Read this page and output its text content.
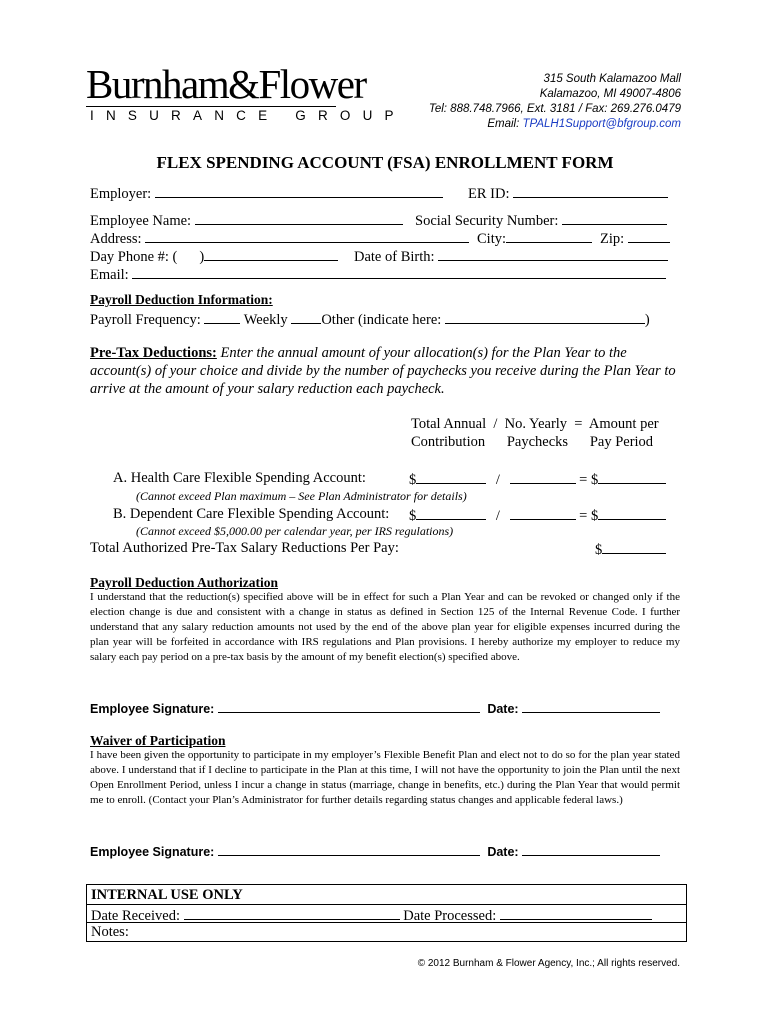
Burnham&Flower
INSURANCE GROUP
315 South Kalamazoo Mall
Kalamazoo, MI 49007-4806
Tel: 888.748.7966, Ext. 3181 / Fax: 269.276.0479
Email: TPALH1Support@bfgroup.com
FLEX SPENDING ACCOUNT (FSA) ENROLLMENT FORM
Employer:	ER ID:
Employee Name:	Social Security Number:
Address:	City:	Zip:
Day Phone #: ( )	Date of Birth:
Email:
Payroll Deduction Information:
Payroll Frequency:	Weekly Other (indicate here:	)
Pre-Tax Deductions: Enter the annual amount of your allocation(s) for the Plan Year to the account(s) of your choice and divide by the number of paychecks you receive during the Plan Year to arrive at the amount of your salary reduction each paycheck.
Total Annual  /  No. Yearly  =  Amount per
Contribution      Paychecks      Pay Period
A. Health Care Flexible Spending Account:	$	/	= $
(Cannot exceed Plan maximum – See Plan Administrator for details)
B. Dependent Care Flexible Spending Account: $	/	= $
(Cannot exceed $5,000.00 per calendar year, per IRS regulations)
Total Authorized Pre-Tax Salary Reductions Per Pay:	$
Payroll Deduction Authorization
I understand that the reduction(s) specified above will be in effect for such a Plan Year and can be revoked or changed only if the election change is due and consistent with a change in status as defined in Section 125 of the Internal Revenue Code. I further understand that any salary reduction amounts not used by the end of the above plan year for eligible expenses incurred during the plan year will be forfeited in accordance with IRS regulations and Plan provisions. I hereby authorize my employer to reduce my salary each pay period on a pre-tax basis by the amount of my benefit election(s) specified above.
Employee Signature:	Date:
Waiver of Participation
I have been given the opportunity to participate in my employer’s Flexible Benefit Plan and elect not to do so for the plan year stated above. I understand that if I decline to participate in the Plan at this time, I will not have the opportunity to join the Plan until the next Open Enrollment Period, unless I incur a change in status (marriage, change in benefits, etc.) during the Plan Year that would permit me to enroll. (Contact your Plan’s Administrator for further details regarding status changes and applicable federal laws.)
Employee Signature:	Date:
INTERNAL USE ONLY
Date Received:	Date Processed:
Notes:
© 2012 Burnham & Flower Agency, Inc.; All rights reserved.
